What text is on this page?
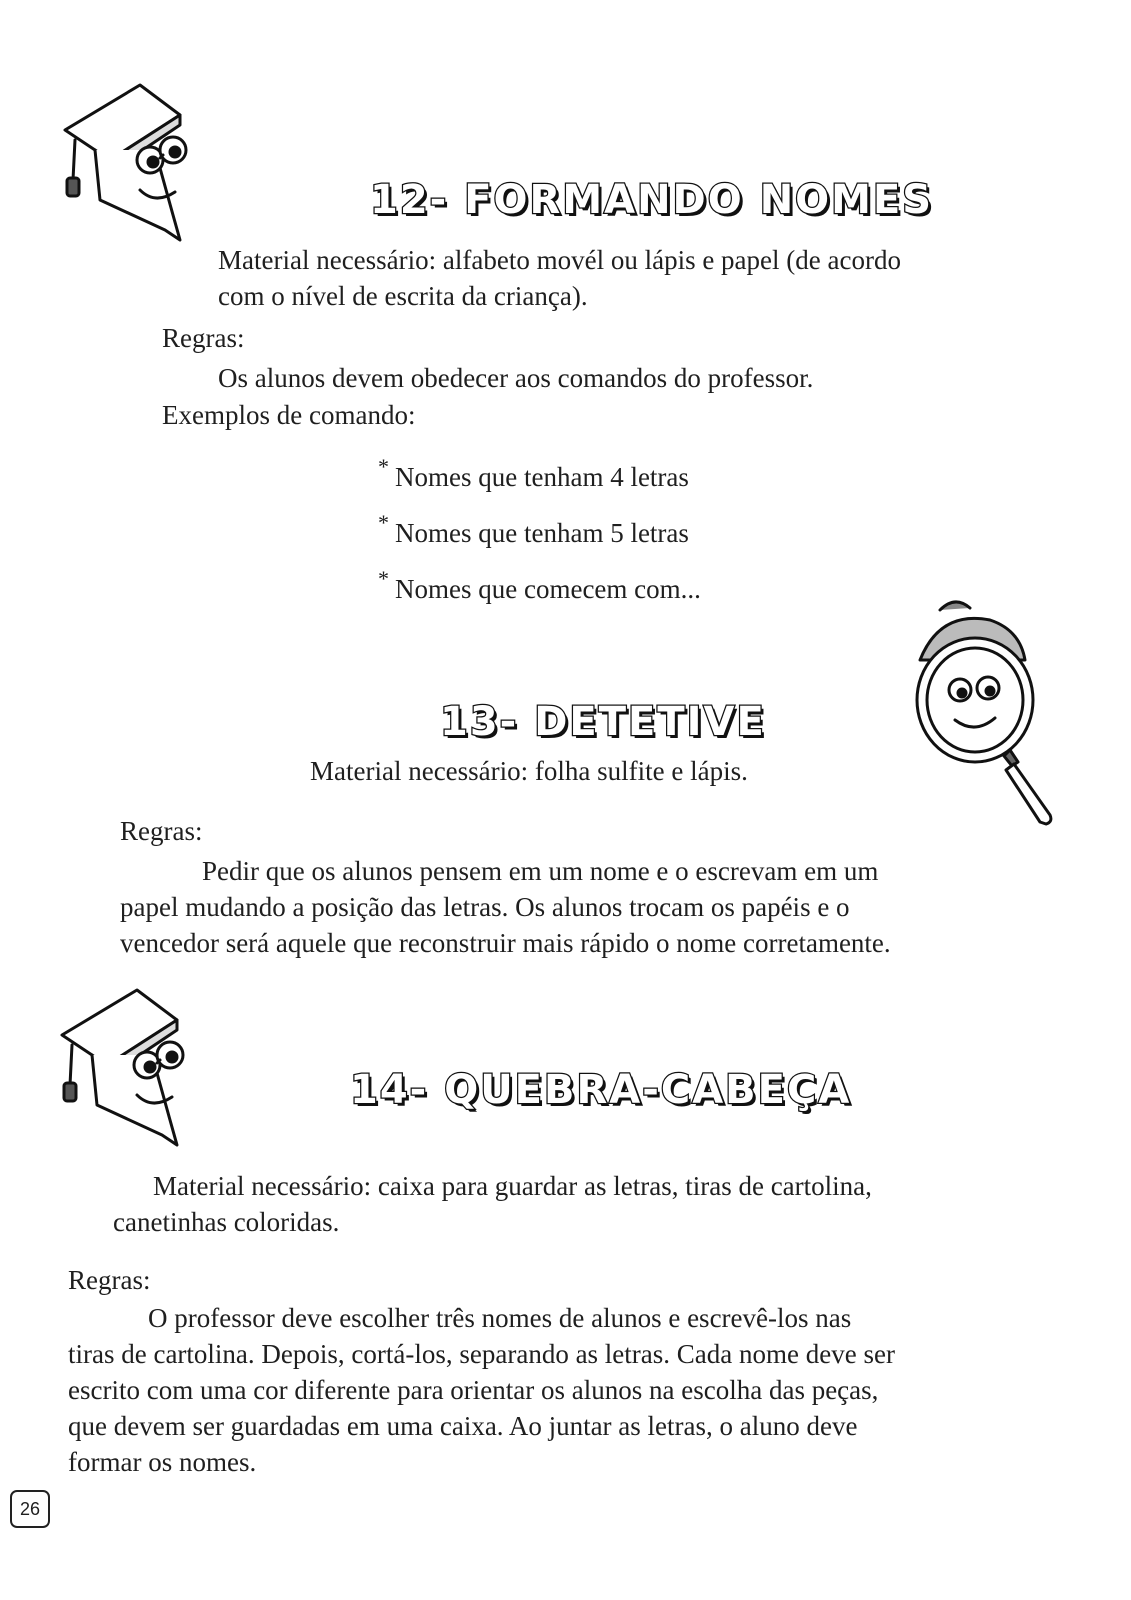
12- FORMANDO NOMES
Material necessário: alfabeto movél ou lápis e papel (de acordo
com o nível de escrita da criança).
Regras:
Os alunos devem obedecer aos comandos do professor.
Exemplos de comando:
* Nomes que tenham 4 letras
* Nomes que tenham 5 letras
* Nomes que comecem com...
13- DETETIVE
Material necessário: folha sulfite e lápis.
Regras:
Pedir que os alunos pensem em um nome e o escrevam em um
papel mudando a posição das letras. Os alunos trocam os papéis e o
vencedor será aquele que reconstruir mais rápido o nome corretamente.
14- QUEBRA-CABEÇA
Material necessário: caixa para guardar as letras, tiras de cartolina,
canetinhas coloridas.
Regras:
O professor deve escolher três nomes de alunos e escrevê-los nas
tiras de cartolina. Depois, cortá-los, separando as letras. Cada nome deve ser
escrito com uma cor diferente para orientar os alunos na escolha das peças,
que devem ser guardadas em uma caixa. Ao juntar as letras, o aluno deve
formar os nomes.
26
